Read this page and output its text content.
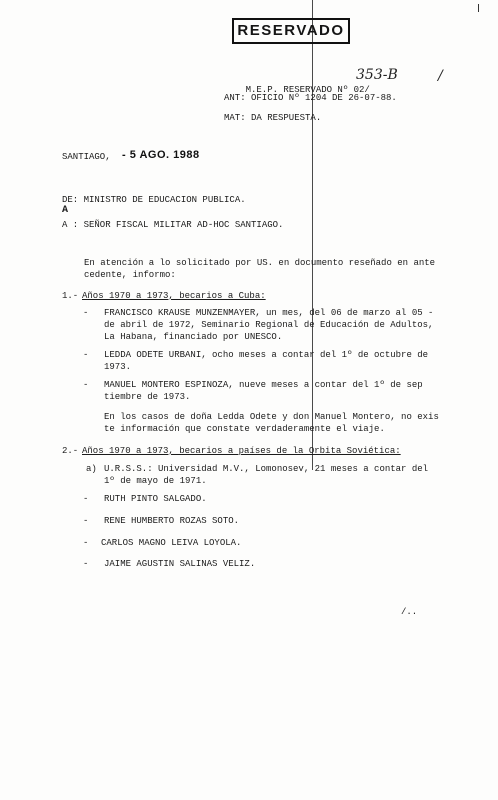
RESERVADO

M.E.P. RESERVADO Nº 02/

353-B	/
ANT: OFICIO Nº 1204 DE 26-07-88.
MAT: DA RESPUESTA.
SANTIAGO, - 5 AGO. 1988
DE: MINISTRO DE EDUCACION PUBLICA.
A
A : SEÑOR FISCAL MILITAR AD-HOC SANTIAGO.
En atención a lo solicitado por US. en documento reseñado en ante
cedente, informo:
1.- Años 1970 a 1973, becarios a Cuba:
- FRANCISCO KRAUSE MUNZENMAYER, un mes, del 06 de marzo al 05 -
de abril de 1972, Seminario Regional de Educación de Adultos,
La Habana, financiado por UNESCO.
- LEDDA ODETE URBANI, ocho meses a contar del 1º de octubre de
1973.
- MANUEL MONTERO ESPINOZA, nueve meses a contar del 1º de sep
tiembre de 1973.
En los casos de doña Ledda Odete y don Manuel Montero, no exis
te información que constate verdaderamente el viaje.
2.- Años 1970 a 1973, becarios a países de la Orbita Soviética:
a) U.R.S.S.: Universidad M.V., Lomonosev, 21 meses a contar del
1º de mayo de 1971.
- RUTH PINTO SALGADO.
- RENE HUMBERTO ROZAS SOTO.
- CARLOS MAGNO LEIVA LOYOLA.
- JAIME AGUSTIN SALINAS VELIZ.
/..
